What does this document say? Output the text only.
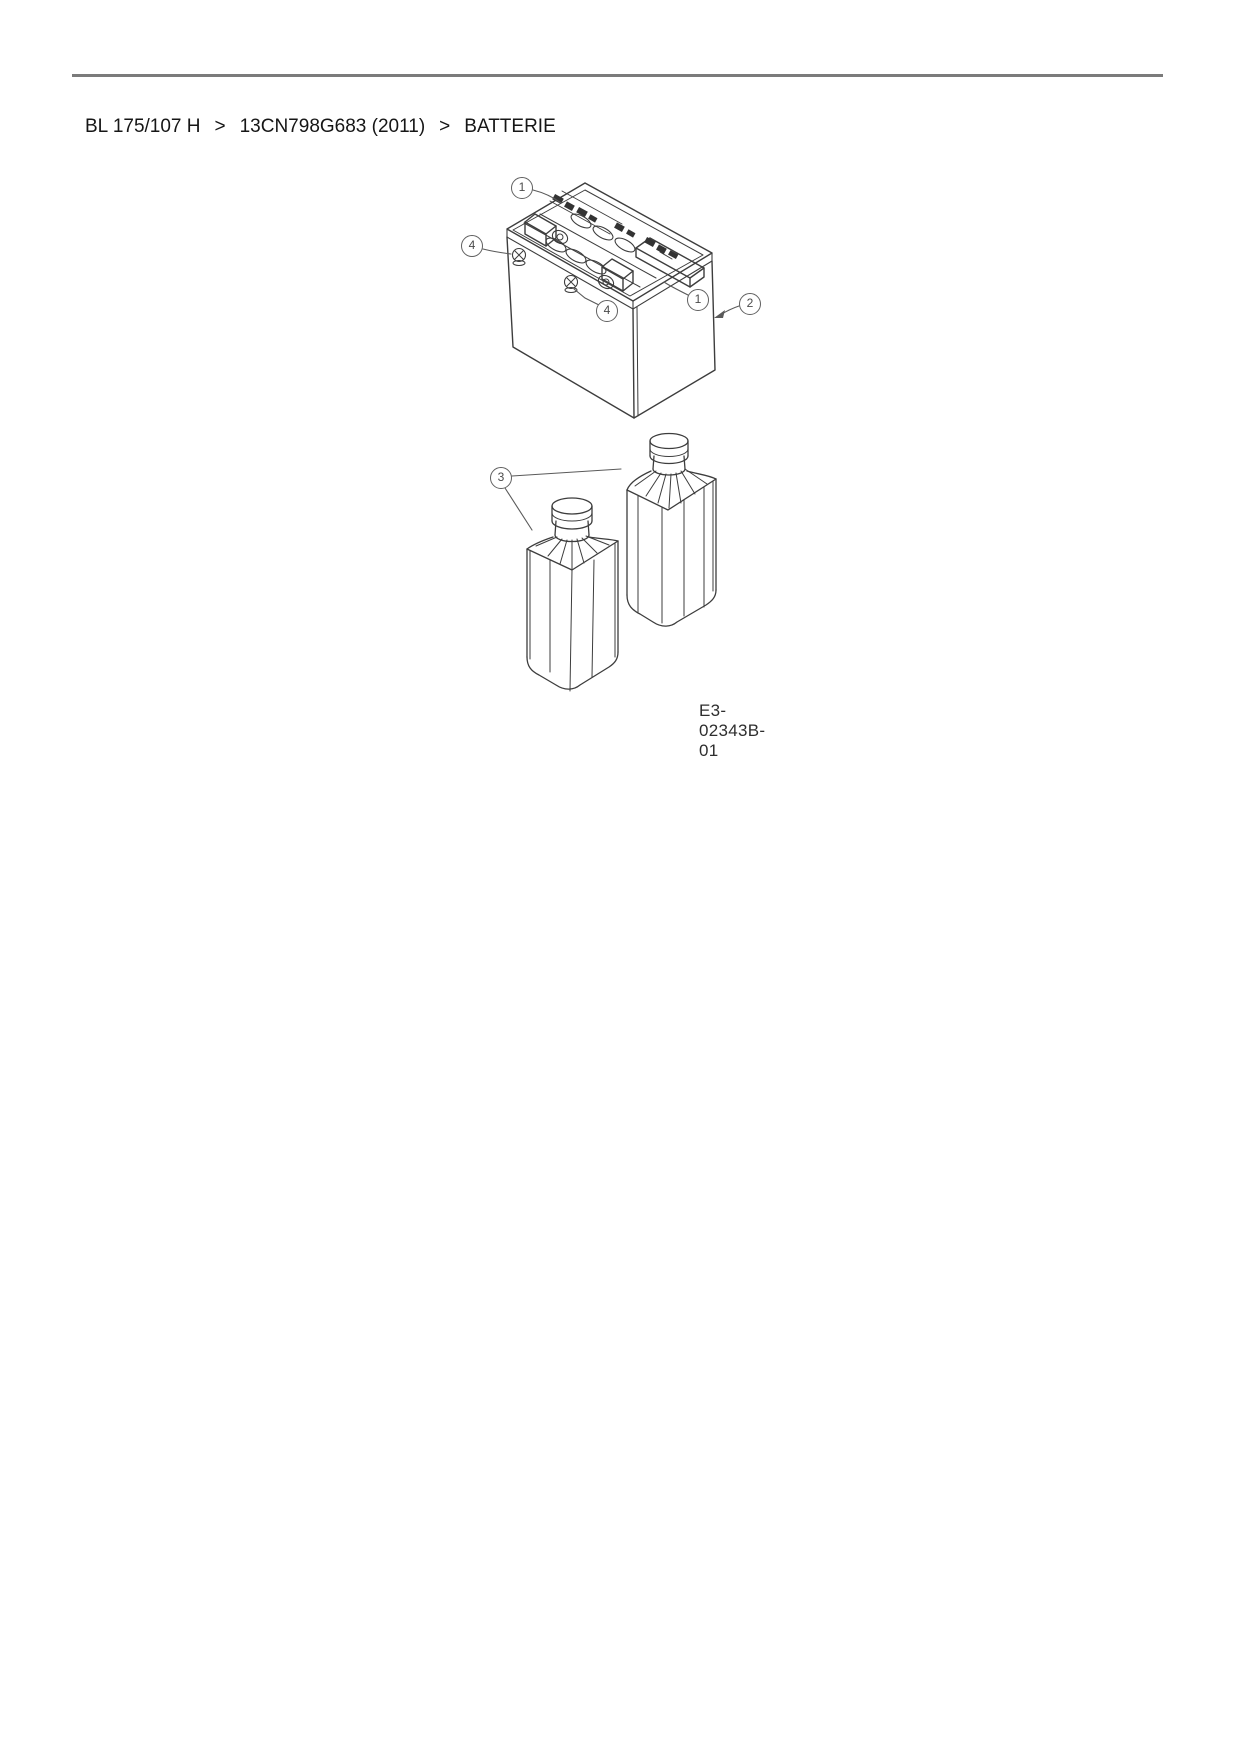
BL 175/107 H > 13CN798G683 (2011) > BATTERIE
1
4
4
1	2
3
E3-02343B-01
